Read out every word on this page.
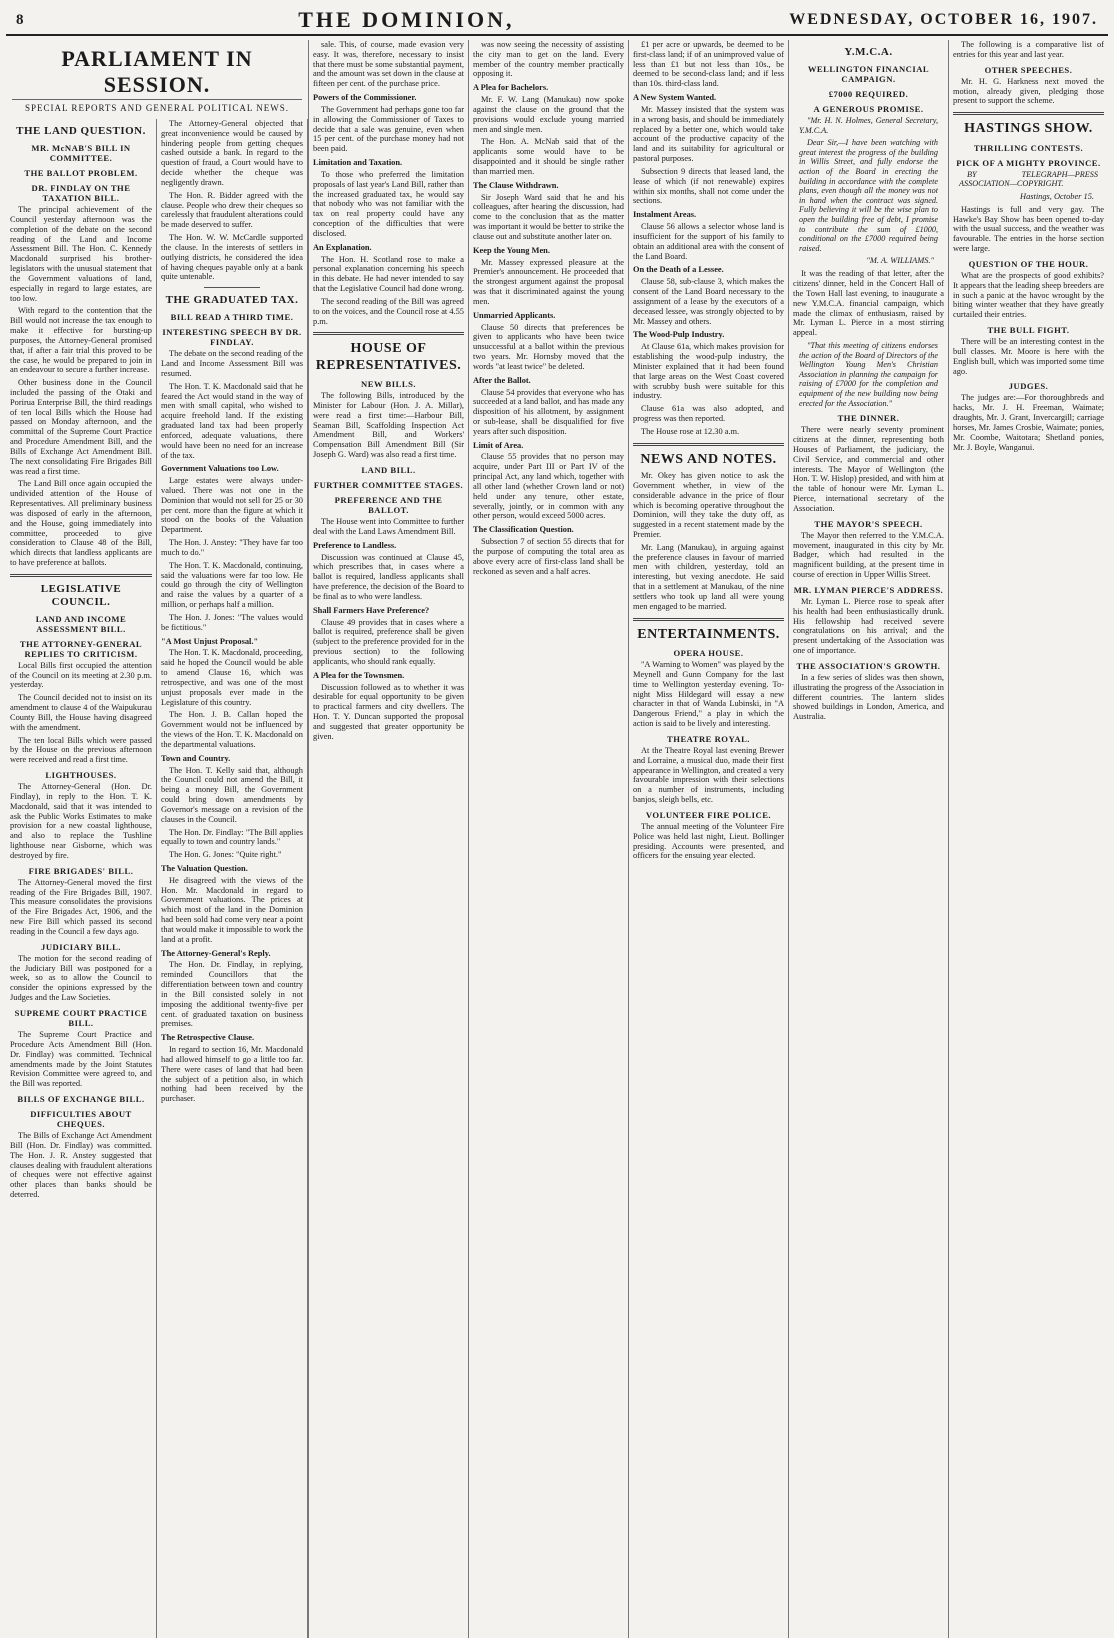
8	THE DOMINION,	WEDNESDAY, OCTOBER 16, 1907.
PARLIAMENT IN SESSION.
SPECIAL REPORTS AND GENERAL POLITICAL NEWS.
THE LAND QUESTION.
MR. McNAB'S BILL IN COMMITTEE.
THE BALLOT PROBLEM.
DR. FINDLAY ON THE TAXATION BILL.

The principal achievement of the Council yesterday afternoon was the completion of the debate on the second reading of the Land and Income Assessment Bill. The Hon. C. Kennedy Macdonald surprised his brother-legislators with the unusual statement that the Government valuations of land, especially in regard to large estates, are too low.

With regard to the contention that the Bill would not increase the tax enough to make it effective for bursting-up purposes, the Attorney-General promised that, if after a fair trial this proved to be the case, he would be prepared to join in an endeavour to secure a further increase.

Other business done in the Council included the passing of the Otaki and Porirua Enterprise Bill, the third readings of ten local Bills which the House had passed on Monday afternoon, and the committal of the Supreme Court Practice and Procedure Amendment Bill, and the Bills of Exchange Act Amendment Bill. The next consolidating Fire Brigades Bill was read a first time.

The Land Bill once again occupied the undivided attention of the House of Representatives. All preliminary business was disposed of early in the afternoon, and the House, going immediately into committee, proceeded to give consideration to Clause 48 of the Bill, which directs that landless applicants are to have preference at ballots.

LEGISLATIVE COUNCIL.
LAND AND INCOME ASSESSMENT BILL.
THE ATTORNEY-GENERAL REPLIES TO CRITICISM.

Local Bills first occupied the attention of the Council on its meeting at 2.30 p.m. yesterday.

The Council decided not to insist on its amendment to clause 4 of the Waipukurau County Bill, the House having disagreed with the amendment.

The ten local Bills which were passed by the House on the previous afternoon were received and read a first time.

LIGHTHOUSES.

The Attorney-General (Hon. Dr. Findlay), in reply to the Hon. T. K. Macdonald, said that it was intended to ask the Public Works Estimates to make provision for a new coastal lighthouse, and also to replace the Tushline lighthouse near Gisborne, which was destroyed by fire.

FIRE BRIGADES' BILL.

The Attorney-General moved the first reading of the Fire Brigades Bill, 1907. This measure consolidates the provisions of the Fire Brigades Act, 1906, and the new Fire Bill which passed its second reading in the Council a few days ago.

JUDICIARY BILL.

The motion for the second reading of the Judiciary Bill was postponed for a week, so as to allow the Council to consider the opinions expressed by the Judges and the Law Societies.

SUPREME COURT PRACTICE BILL.

The Supreme Court Practice and Procedure Acts Amendment Bill (Hon. Dr. Findlay) was committed. Technical amendments made by the Joint Statutes Revision Committee were agreed to, and the Bill was reported.

BILLS OF EXCHANGE BILL.
DIFFICULTIES ABOUT CHEQUES.

The Bills of Exchange Act Amendment Bill (Hon. Dr. Findlay) was committed. The Hon. J. R. Anstey suggested that clauses dealing with fraudulent alterations of cheques were not effective against other places than banks should be deterred.

The Attorney-General objected that great inconvenience would be caused by hindering people from getting cheques cashed outside a bank. In regard to the question of fraud, a Court would have to decide whether the cheque was negligently drawn.

The Hon. R. Bidder agreed with the clause. People who drew their cheques so carelessly that fraudulent alterations could be made deserved to suffer.

The Hon. W. W. McCardle supported the clause. In the interests of settlers in outlying districts, he considered the idea of having cheques payable only at a bank quite untenable.

THE GRADUATED TAX.
BILL READ A THIRD TIME.
INTERESTING SPEECH BY DR. FINDLAY.

The debate on the second reading of the Land and Income Assessment Bill was resumed.

The Hon. T. K. Macdonald said that he feared the Act would stand in the way of men with small capital, who wished to acquire freehold land. If the existing graduated land tax had been properly enforced, adequate valuations, there would have been no need for an increase of the tax.

Government Valuations too Low.

Large estates were always under-valued. There was not one in the Dominion that would not sell for 25 or 30 per cent. more than the figure at which it stood on the books of the Valuation Department.

The Hon. J. Anstey: "They have far too much to do."

The Hon. T. K. Macdonald, continuing, said the valuations were far too low. He could go through the city of Wellington and raise the values by a quarter of a million, or perhaps half a million.

The Hon. J. Jones: "The values would be fictitious."

"A Most Unjust Proposal."

The Hon. T. K. Macdonald, proceeding, said he hoped the Council would be able to amend Clause 16, which was retrospective, and was one of the most unjust proposals ever made in the Legislature of this country.

The Hon. J. B. Callan hoped the Government would not be influenced by the views of the Hon. T. K. Macdonald on the departmental valuations.

Town and Country.

The Hon. T. Kelly said that, although the Council could not amend the Bill, it being a money Bill, the Government could bring down amendments by Governor's message on a revision of the clauses in the Council.

The Hon. Dr. Findlay: "The Bill applies equally to town and country lands."

The Hon. G. Jones: "Quite right."

The Valuation Question.

He disagreed with the views of the Hon. Mr. Macdonald in regard to Government valuations. The prices at which most of the land in the Dominion had been sold had come very near a point that would make it impossible to work the land at a profit.

The Attorney-General's Reply.

The Hon. Dr. Findlay, in replying, reminded Councillors that the differentiation between town and country in the Bill consisted solely in not imposing the additional twenty-five per cent. of graduated taxation on business premises.

The Retrospective Clause.

In regard to section 16, Mr. Macdonald had allowed himself to go a little too far. There were cases of land that had been the subject of a petition also, in which nothing had been received by the purchaser.

sale. This, of course, made evasion very easy. It was, therefore, necessary to insist that there must be some substantial payment, and the amount was set down in the clause at fifteen per cent. of the purchase price.

Powers of the Commissioner.

The Government had perhaps gone too far in allowing the Commissioner of Taxes to decide that a sale was genuine, even when 15 per cent. of the purchase money had not been paid.

Limitation and Taxation.

To those who preferred the limitation proposals of last year's Land Bill, rather than the increased graduated tax, he would say that nobody who was not familiar with the tax on real property could have any conception of the difficulties that were disclosed.

An Explanation.

The Hon. H. Scotland rose to make a personal explanation concerning his speech in this debate. He had never intended to say that the Legislative Council had done wrong.

The second reading of the Bill was agreed to on the voices, and the Council rose at 4.55 p.m.

HOUSE OF REPRESENTATIVES.
NEW BILLS.

The following Bills, introduced by the Minister for Labour (Hon. J. A. Millar), were read a first time:—Harbour Bill, Seaman Bill, Scaffolding Inspection Act Amendment Bill, and Workers' Compensation Bill Amendment Bill (Sir Joseph G. Ward) was also read a first time.

LAND BILL.
FURTHER COMMITTEE STAGES.
PREFERENCE AND THE BALLOT.

The House went into Committee to further deal with the Land Laws Amendment Bill.

Preference to Landless.

Discussion was continued at Clause 45, which prescribes that, in cases where a ballot is required, landless applicants shall have preference, the decision of the Board to be final as to who were landless.

Shall Farmers Have Preference?

Clause 49 provides that in cases where a ballot is required, preference shall be given (subject to the preference provided for in the previous section) to the following applicants, who should rank equally.

A Plea for the Townsmen.

Discussion followed as to whether it was desirable for equal opportunity to be given to practical farmers and city dwellers. The Hon. T. Y. Duncan supported the proposal and suggested that greater opportunity be given.

was now seeing the necessity of assisting the city man to get on the land. Every member of the country member practically opposing it.

A Plea for Bachelors.

Mr. F. W. Lang (Manukau) now spoke against the clause on the ground that the provisions would exclude young married men and single men.

The Hon. A. McNab said that of the applicants some would have to be disappointed and it should be single rather than married men.

The Clause Withdrawn.

Sir Joseph Ward said that he and his colleagues, after hearing the discussion, had come to the conclusion that as the matter was important it would be better to strike the clause out and substitute another later on.

Keep the Young Men.

Mr. Massey expressed pleasure at the Premier's announcement. He proceeded that the strongest argument against the proposal was that it discriminated against the young men.

Unmarried Applicants.

Clause 50 directs that preferences be given to applicants who have been twice unsuccessful at a ballot within the previous two years. Mr. Hornsby moved that the words "at least twice" be deleted.

After the Ballot.

Clause 54 provides that everyone who has succeeded at a land ballot, and has made any disposition of his allotment, by assignment or sub-lease, shall be disqualified for five years after such disposition.

Limit of Area.

Clause 55 provides that no person may acquire, under Part III or Part IV of the principal Act, any land which, together with all other land (whether Crown land or not) held under any tenure, other estate, severally, jointly, or in common with any other person, would exceed 5000 acres.

The Classification Question.

Subsection 7 of section 55 directs that for the purpose of computing the total area as above every acre of first-class land shall be reckoned as seven and a half acres.

£1 per acre or upwards, be deemed to be first-class land; if of an unimproved value of less than £1 but not less than 10s., be deemed to be second-class land; and if less than 10s. third-class land.

A New System Wanted.

Mr. Massey insisted that the system was in a wrong basis, and should be immediately replaced by a better one, which would take account of the productive capacity of the land and its suitability for agricultural or pastoral purposes.

Subsection 9 directs that leased land, the lease of which (if not renewable) expires within six months, shall not come under the sections.

Instalment Areas.

Clause 56 allows a selector whose land is insufficient for the support of his family to obtain an additional area with the consent of the Land Board.

On the Death of a Lessee.

Clause 58, sub-clause 3, which makes the consent of the Land Board necessary to the assignment of a lease by the executors of a deceased lessee, was strongly objected to by Mr. Massey and others.

The Wood-Pulp Industry.

At Clause 61a, which makes provision for establishing the wood-pulp industry, the Minister explained that it had been found that large areas on the West Coast covered with scrubby bush were suitable for this industry.

Clause 61a was also adopted, and progress was then reported.

The House rose at 12.30 a.m.

NEWS AND NOTES.

Mr. Okey has given notice to ask the Government whether, in view of the considerable advance in the price of flour which is becoming operative throughout the Dominion, will they take the duty off, as suggested in a recent statement made by the Premier.

Mr. Lang (Manukau), in arguing against the preference clauses in favour of married men with children, yesterday, told an interesting, but vexing anecdote. He said that in a settlement at Manukau, of the nine settlers who took up land all were young men engaged to be married.

ENTERTAINMENTS.
OPERA HOUSE.

"A Warning to Women" was played by the Meynell and Gunn Company for the last time to Wellington yesterday evening. To-night Miss Hildegard will essay a new character in that of Wanda Lubinski, in "A Dangerous Friend," a play in which the action is said to be lively and interesting.

THEATRE ROYAL.

At the Theatre Royal last evening Brewer and Lorraine, a musical duo, made their first appearance in Wellington, and created a very favourable impression with their selections on a number of instruments, including banjos, sleigh bells, etc.

VOLUNTEER FIRE POLICE.

The annual meeting of the Volunteer Fire Police was held last night, Lieut. Bollinger presiding. Accounts were presented, and officers for the ensuing year elected.

Y.M.C.A.
WELLINGTON FINANCIAL CAMPAIGN.
£7000 REQUIRED.
A GENEROUS PROMISE.

"Mr. H. N. Holmes, General Secretary, Y.M.C.A.

Dear Sir,—I have been watching with great interest the progress of the building in Willis Street, and fully endorse the action of the Board in erecting the building in accordance with the complete plans, even though all the money was not in hand when the contract was signed. Fully believing it will be the wise plan to open the building free of debt, I promise to contribute the sum of £1000, conditional on the £7000 required being raised.

"M. A. WILLIAMS."

It was the reading of that letter, after the citizens' dinner, held in the Concert Hall of the Town Hall last evening, to inaugurate a new Y.M.C.A. financial campaign, which made the climax of enthusiasm, raised by Mr. Lyman L. Pierce in a most stirring appeal.

"That this meeting of citizens endorses the action of the Board of Directors of the Wellington Young Men's Christian Association in planning the campaign for raising of £7000 for the completion and equipment of the new building now being erected for the Association."

THE DINNER.

There were nearly seventy prominent citizens at the dinner, representing both Houses of Parliament, the judiciary, the Civil Service, and commercial and other interests. The Mayor of Wellington (the Hon. T. W. Hislop) presided, and with him at the table of honour were Mr. Lyman L. Pierce, international secretary of the Association.

THE MAYOR'S SPEECH.

The Mayor then referred to the Y.M.C.A. movement, inaugurated in this city by Mr. Badger, which had resulted in the magnificent building, at the present time in course of erection in Upper Willis Street.

MR. LYMAN PIERCE'S ADDRESS.

Mr. Lyman L. Pierce rose to speak after his health had been enthusiastically drunk. His fellowship had received severe congratulations on his arrival; and the present undertaking of the Association was one of importance.

THE ASSOCIATION'S GROWTH.

In a few series of slides was then shown, illustrating the progress of the Association in different countries. The lantern slides showed buildings in London, America, and Australia.

The following is a comparative list of entries for this year and last year.

OTHER SPEECHES.

Mr. H. G. Harkness next moved the motion, already given, pledging those present to support the scheme.

HASTINGS SHOW.
THRILLING CONTESTS.
PICK OF A MIGHTY PROVINCE.

BY TELEGRAPH—PRESS ASSOCIATION—COPYRIGHT.

Hastings, October 15.

Hastings is full and very gay. The Hawke's Bay Show has been opened to-day with the usual success, and the weather was favourable. The entries in the horse section were large.

QUESTION OF THE HOUR.

What are the prospects of good exhibits? It appears that the leading sheep breeders are in such a panic at the havoc wrought by the biting winter weather that they have greatly curtailed their entries.

THE BULL FIGHT.

There will be an interesting contest in the bull classes. Mr. Moore is here with the English bull, which was imported some time ago.

JUDGES.

The judges are:—For thoroughbreds and hacks, Mr. J. H. Freeman, Waimate; draughts, Mr. J. Grant, Invercargill; carriage horses, Mr. James Crosbie, Waimate; ponies, Mr. Coombe, Waitotara; Shetland ponies, Mr. J. Boyle, Wanganui.
